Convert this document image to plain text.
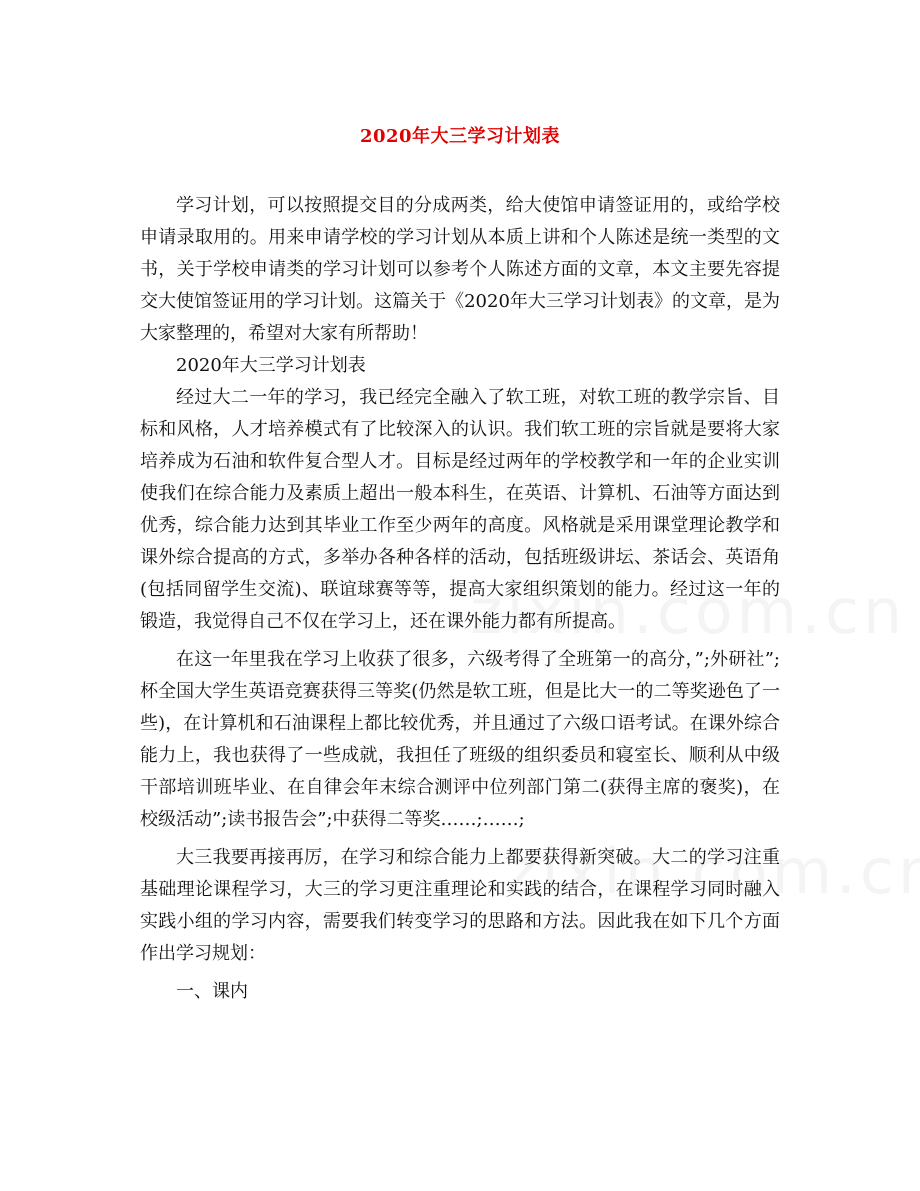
2020年大三学习计划表

学习计划，可以按照提交目的分成两类，给大使馆申请签证用的，或给学校申请录取用的。用来申请学校的学习计划从本质上讲和个人陈述是统一类型的文书，关于学校申请类的学习计划可以参考个人陈述方面的文章，本文主要先容提交大使馆签证用的学习计划。这篇关于《2020年大三学习计划表》的文章，是为大家整理的，希望对大家有所帮助！

2020年大三学习计划表

经过大二一年的学习，我已经完全融入了软工班，对软工班的教学宗旨、目标和风格，人才培养模式有了比较深入的认识。我们软工班的宗旨就是要将大家培养成为石油和软件复合型人才。目标是经过两年的学校教学和一年的企业实训使我们在综合能力及素质上超出一般本科生，在英语、计算机、石油等方面达到优秀，综合能力达到其毕业工作至少两年的高度。风格就是采用课堂理论教学和课外综合提高的方式，多举办各种各样的活动，包括班级讲坛、茶话会、英语角(包括同留学生交流)、联谊球赛等等，提高大家组织策划的能力。经过这一年的锻造，我觉得自己不仅在学习上，还在课外能力都有所提高。

在这一年里我在学习上收获了很多，六级考得了全班第一的高分，”;外研社”;杯全国大学生英语竞赛获得三等奖(仍然是软工班，但是比大一的二等奖逊色了一些)，在计算机和石油课程上都比较优秀，并且通过了六级口语考试。在课外综合能力上，我也获得了一些成就，我担任了班级的组织委员和寝室长、顺利从中级干部培训班毕业、在自律会年末综合测评中位列部门第二(获得主席的褒奖)，在校级活动”;读书报告会”;中获得二等奖……;……;

大三我要再接再厉，在学习和综合能力上都要获得新突破。大二的学习注重基础理论课程学习，大三的学习更注重理论和实践的结合，在课程学习同时融入实践小组的学习内容，需要我们转变学习的思路和方法。因此我在如下几个方面作出学习规划：

一、课内
